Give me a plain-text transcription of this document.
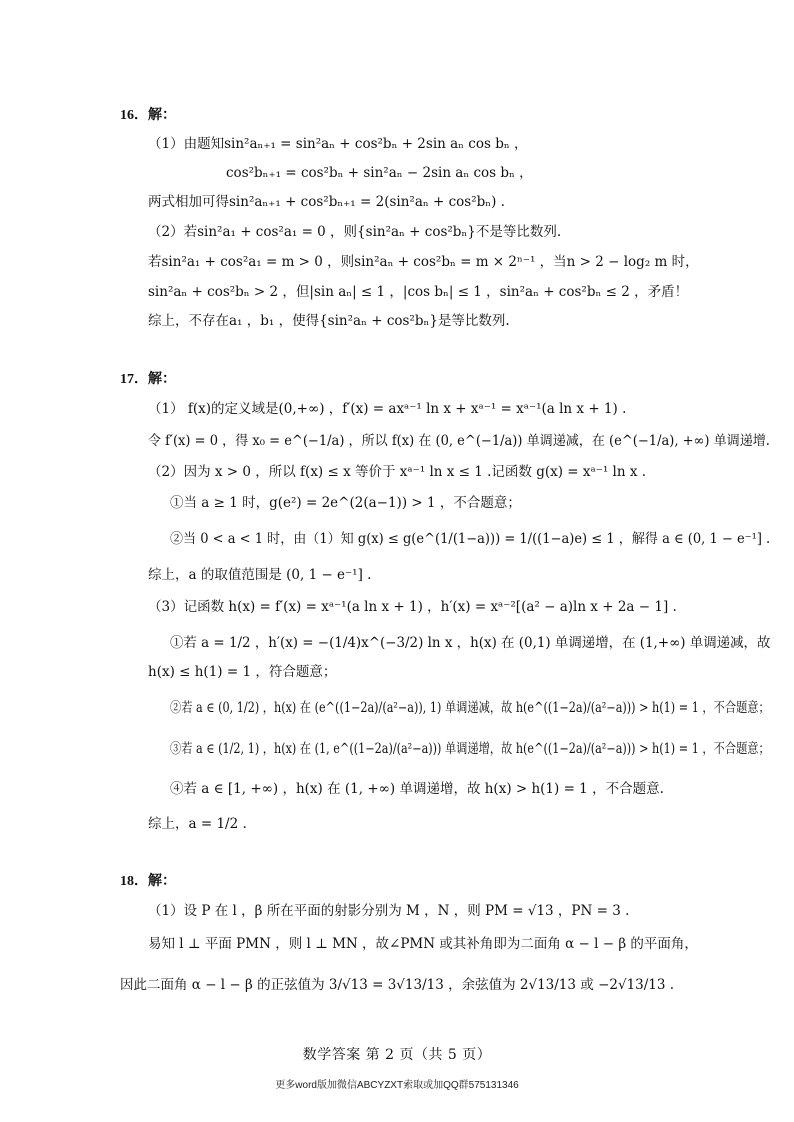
16．解：
（1）由题知sin²aₙ₊₁ = sin²aₙ + cos²bₙ + 2sin aₙ cos bₙ ，
cos²bₙ₊₁ = cos²bₙ + sin²aₙ − 2sin aₙ cos bₙ ，
两式相加可得sin²aₙ₊₁ + cos²bₙ₊₁ = 2(sin²aₙ + cos²bₙ) .
（2）若sin²a₁ + cos²a₁ = 0 ，则{sin²aₙ + cos²bₙ}不是等比数列.
若sin²a₁ + cos²a₁ = m > 0 ，则sin²aₙ + cos²bₙ = m × 2ⁿ⁻¹ ，当n > 2 − log₂ m 时，
sin²aₙ + cos²bₙ > 2 ，但|sin aₙ| ≤ 1 ，|cos bₙ| ≤ 1 ，sin²aₙ + cos²bₙ ≤ 2 ，矛盾！
综上，不存在a₁ ，b₁ ，使得{sin²aₙ + cos²bₙ}是等比数列.
17．解：
（1） f(x)的定义域是(0,+∞) ，f′(x) = axᵃ⁻¹ ln x + xᵃ⁻¹ = xᵃ⁻¹(a ln x + 1) .
令 f′(x) = 0 ，得 x₀ = e^(−1/a) ，所以 f(x) 在 (0, e^(−1/a)) 单调递减，在 (e^(−1/a), +∞) 单调递增.
（2）因为 x > 0 ，所以 f(x) ≤ x 等价于 xᵃ⁻¹ ln x ≤ 1 .记函数 g(x) = xᵃ⁻¹ ln x .
①当 a ≥ 1 时，g(e²) = 2e^(2(a−1)) > 1 ，不合题意；
②当 0 < a < 1 时，由（1）知 g(x) ≤ g(e^(1/(1−a))) = 1/((1−a)e) ≤ 1 ，解得 a ∈ (0, 1 − e⁻¹] .
综上，a 的取值范围是 (0, 1 − e⁻¹] .
（3）记函数 h(x) = f′(x) = xᵃ⁻¹(a ln x + 1) ，h′(x) = xᵃ⁻²[(a² − a)ln x + 2a − 1] .
①若 a = 1/2 ，h′(x) = −(1/4)x^(−3/2) ln x ，h(x) 在 (0,1) 单调递增，在 (1,+∞) 单调递减，故
h(x) ≤ h(1) = 1 ，符合题意；
②若 a ∈ (0, 1/2) ，h(x) 在 (e^((1−2a)/(a²−a)), 1) 单调递减，故 h(e^((1−2a)/(a²−a))) > h(1) = 1 ，不合题意；
③若 a ∈ (1/2, 1) ，h(x) 在 (1, e^((1−2a)/(a²−a))) 单调递增，故 h(e^((1−2a)/(a²−a))) > h(1) = 1 ，不合题意；
④若 a ∈ [1, +∞) ，h(x) 在 (1, +∞) 单调递增，故 h(x) > h(1) = 1 ，不合题意.
综上，a = 1/2 .
18．解：
（1）设 P 在 l ，β 所在平面的射影分别为 M ，N ，则 PM = √13 ，PN = 3 .
易知 l ⊥ 平面 PMN ，则 l ⊥ MN ，故∠PMN 或其补角即为二面角 α − l − β 的平面角，
因此二面角 α − l − β 的正弦值为 3/√13 = 3√13/13 ，余弦值为 2√13/13 或 −2√13/13 .
数学答案 第 2 页（共 5 页）
更多word版加微信ABCYZXT索取或加QQ群575131346
